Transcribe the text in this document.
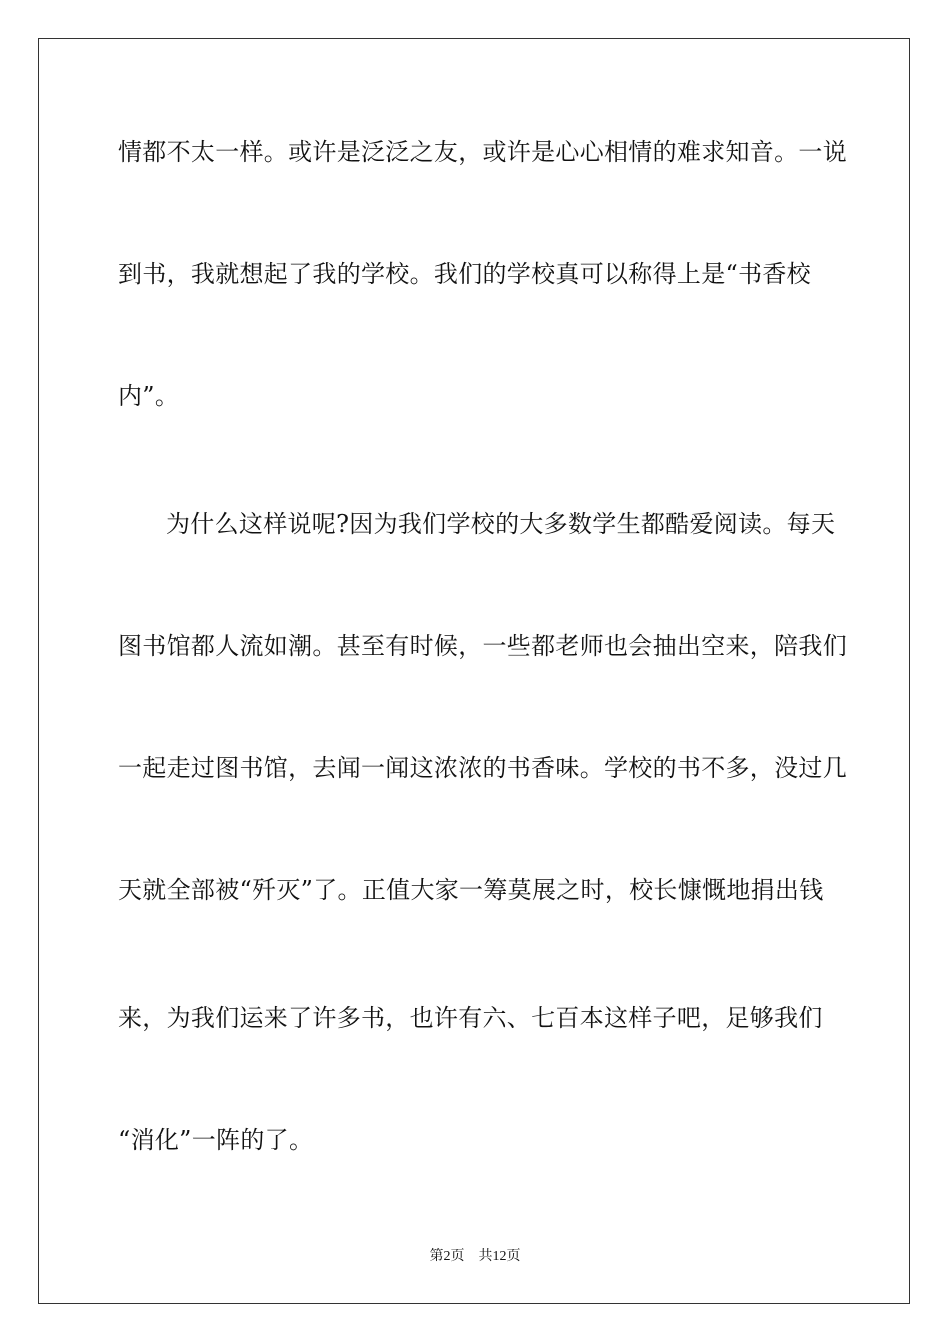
情都不太一样。或许是泛泛之友，或许是心心相情的难求知音。一说
到书，我就想起了我的学校。我们的学校真可以称得上是“书香校
内”。
为什么这样说呢?因为我们学校的大多数学生都酷爱阅读。每天
图书馆都人流如潮。甚至有时候，一些都老师也会抽出空来，陪我们
一起走过图书馆，去闻一闻这浓浓的书香味。学校的书不多，没过几
天就全部被“歼灭”了。正值大家一筹莫展之时，校长慷慨地捐出钱
来，为我们运来了许多书，也许有六、七百本这样子吧，足够我们
“消化”一阵的了。
第2页 共12页
